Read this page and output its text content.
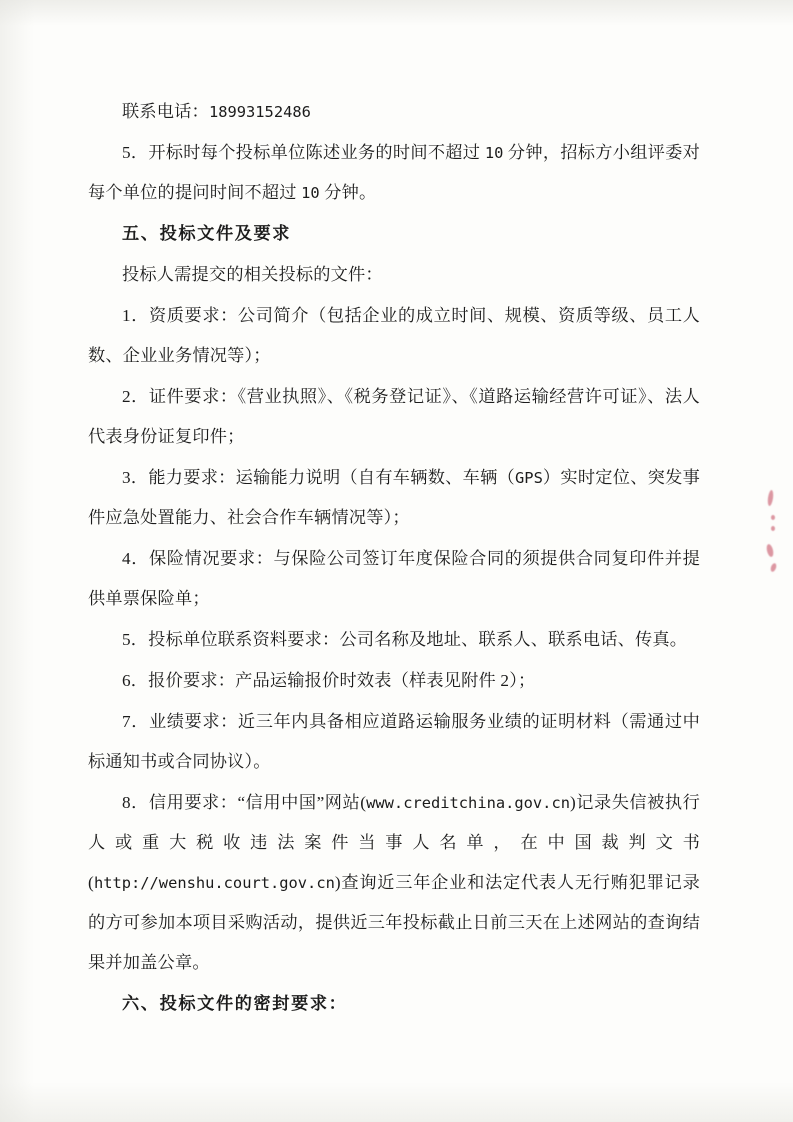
联系电话：18993152486

5．开标时每个投标单位陈述业务的时间不超过 10 分钟，招标方小组评委对每个单位的提问时间不超过 10 分钟。

五、投标文件及要求

投标人需提交的相关投标的文件：

1．资质要求：公司简介（包括企业的成立时间、规模、资质等级、员工人数、企业业务情况等）；

2．证件要求：《营业执照》、《税务登记证》、《道路运输经营许可证》、法人代表身份证复印件；

3．能力要求：运输能力说明（自有车辆数、车辆（GPS）实时定位、突发事件应急处置能力、社会合作车辆情况等）；

4．保险情况要求：与保险公司签订年度保险合同的须提供合同复印件并提供单票保险单；

5．投标单位联系资料要求：公司名称及地址、联系人、联系电话、传真。

6．报价要求：产品运输报价时效表（样表见附件 2）；

7．业绩要求：近三年内具备相应道路运输服务业绩的证明材料（需通过中标通知书或合同协议）。

8．信用要求：“信用中国”网站(www.creditchina.gov.cn)记录失信被执行人或重大税收违法案件当事人名单，在中国裁判文书(http://wenshu.court.gov.cn)查询近三年企业和法定代表人无行贿犯罪记录的方可参加本项目采购活动，提供近三年投标截止日前三天在上述网站的查询结果并加盖公章。

六、投标文件的密封要求：
